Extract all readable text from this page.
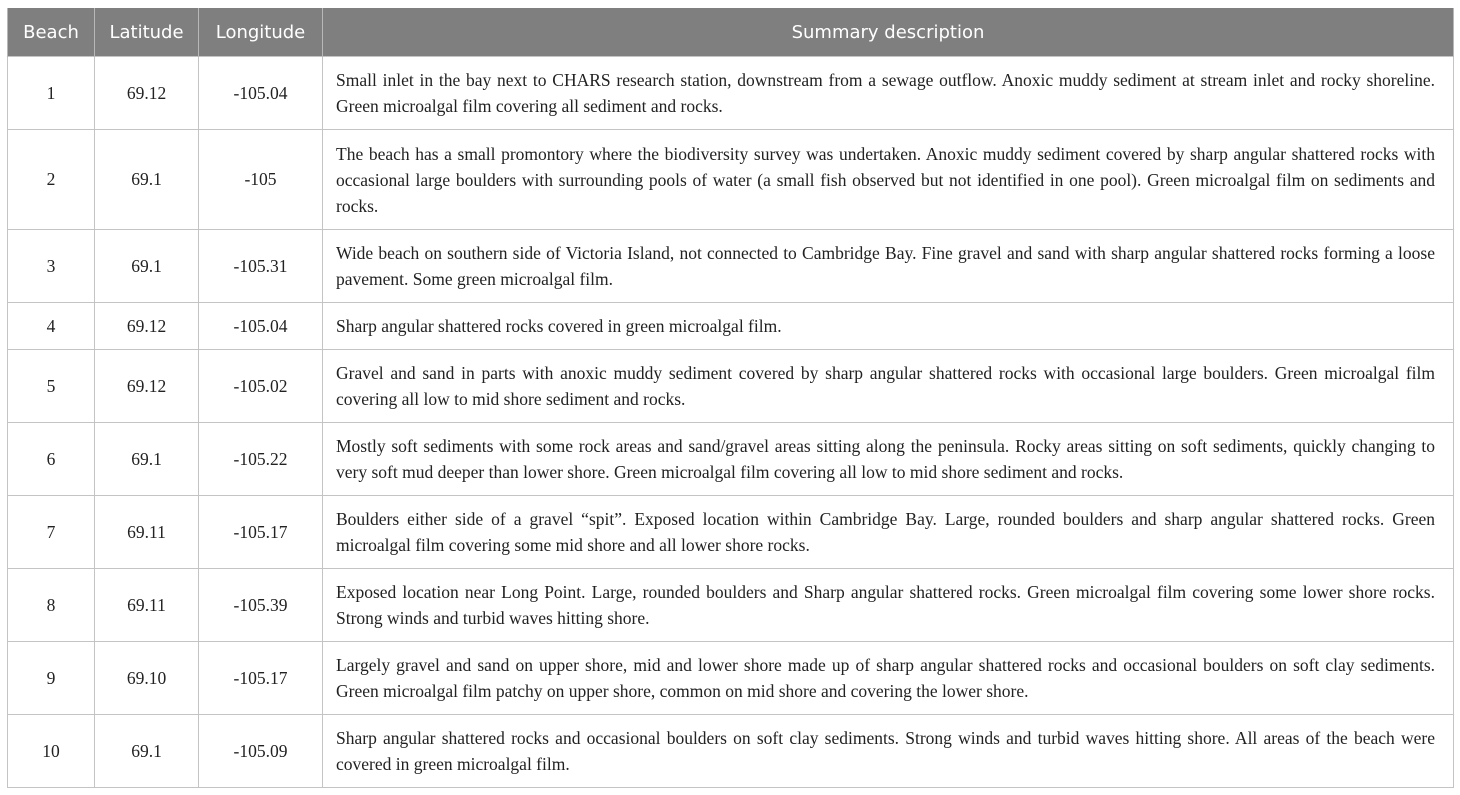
Beach	Latitude	Longitude	Summary description
1	69.12	-105.04	Small inlet in the bay next to CHARS research station, downstream from a sewage outflow. Anoxic muddy sediment at stream inlet and rocky shoreline. Green microalgal film covering all sediment and rocks.
2	69.1	-105	The beach has a small promontory where the biodiversity survey was undertaken. Anoxic muddy sediment covered by sharp angular shattered rocks with occasional large boulders with surrounding pools of water (a small fish observed but not identified in one pool). Green microalgal film on sediments and rocks.
3	69.1	-105.31	Wide beach on southern side of Victoria Island, not connected to Cambridge Bay. Fine gravel and sand with sharp angular shattered rocks forming a loose pavement. Some green microalgal film.
4	69.12	-105.04	Sharp angular shattered rocks covered in green microalgal film.
5	69.12	-105.02	Gravel and sand in parts with anoxic muddy sediment covered by sharp angular shattered rocks with occasional large boulders. Green microalgal film covering all low to mid shore sediment and rocks.
6	69.1	-105.22	Mostly soft sediments with some rock areas and sand/gravel areas sitting along the peninsula. Rocky areas sitting on soft sediments, quickly changing to very soft mud deeper than lower shore. Green microalgal film covering all low to mid shore sediment and rocks.
7	69.11	-105.17	Boulders either side of a gravel “spit”. Exposed location within Cambridge Bay. Large, rounded boulders and sharp angular shattered rocks. Green microalgal film covering some mid shore and all lower shore rocks.
8	69.11	-105.39	Exposed location near Long Point. Large, rounded boulders and Sharp angular shattered rocks. Green microalgal film covering some lower shore rocks. Strong winds and turbid waves hitting shore.
9	69.10	-105.17	Largely gravel and sand on upper shore, mid and lower shore made up of sharp angular shattered rocks and occasional boulders on soft clay sediments. Green microalgal film patchy on upper shore, common on mid shore and covering the lower shore.
10	69.1	-105.09	Sharp angular shattered rocks and occasional boulders on soft clay sediments. Strong winds and turbid waves hitting shore. All areas of the beach were covered in green microalgal film.
